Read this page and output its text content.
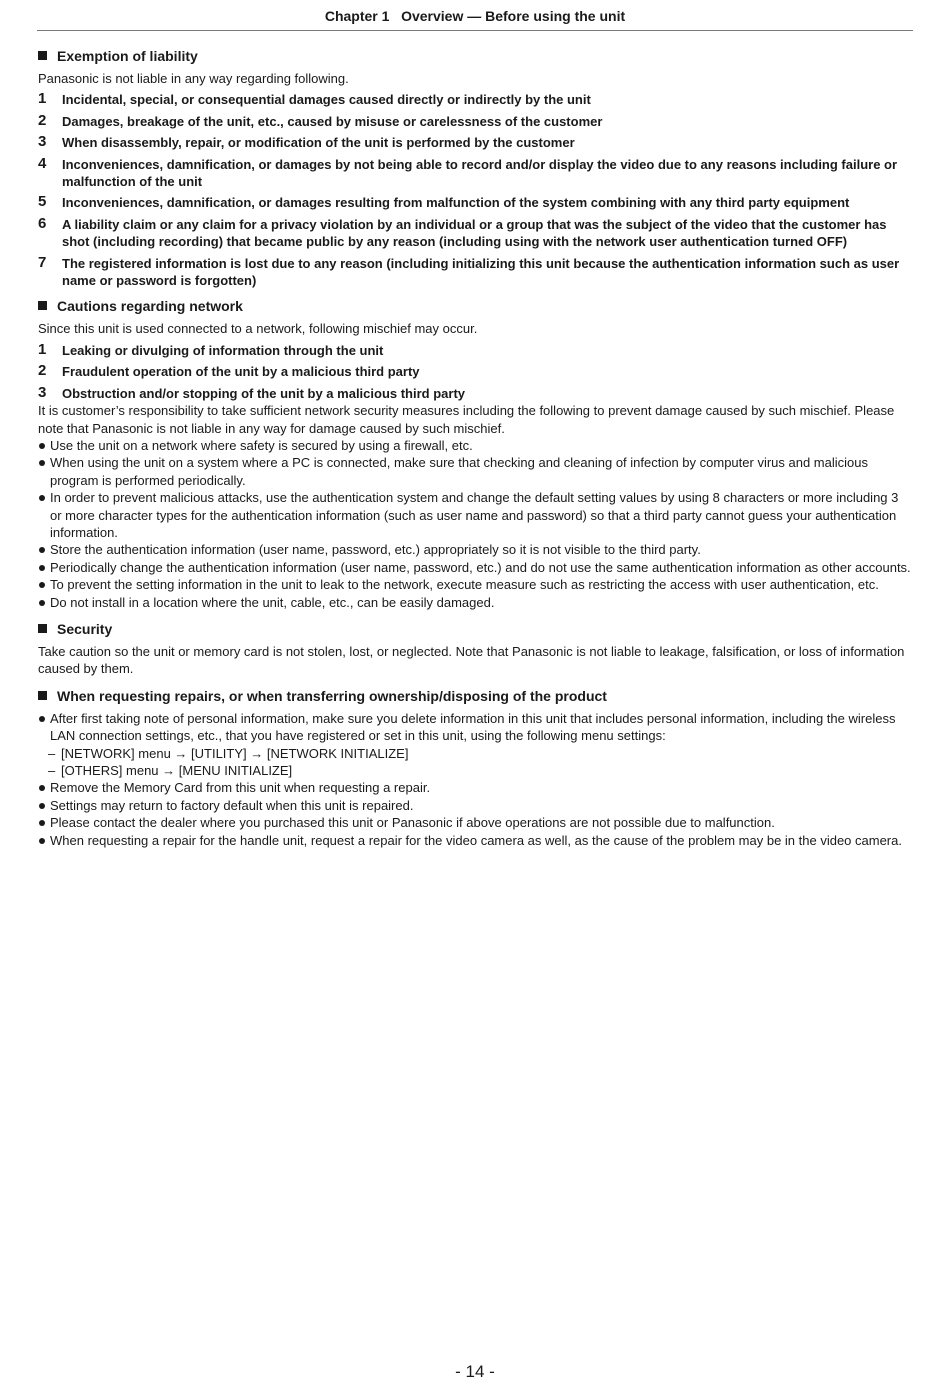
Chapter 1   Overview — Before using the unit
Exemption of liability

Panasonic is not liable in any way regarding following.

1 Incidental, special, or consequential damages caused directly or indirectly by the unit
2 Damages, breakage of the unit, etc., caused by misuse or carelessness of the customer
3 When disassembly, repair, or modification of the unit is performed by the customer
4 Inconveniences, damnification, or damages by not being able to record and/or display the video due to any reasons including failure or malfunction of the unit
5 Inconveniences, damnification, or damages resulting from malfunction of the system combining with any third party equipment
6 A liability claim or any claim for a privacy violation by an individual or a group that was the subject of the video that the customer has shot (including recording) that became public by any reason (including using with the network user authentication turned OFF)
7 The registered information is lost due to any reason (including initializing this unit because the authentication information such as user name or password is forgotten)
Cautions regarding network

Since this unit is used connected to a network, following mischief may occur.

1 Leaking or divulging of information through the unit
2 Fraudulent operation of the unit by a malicious third party
3 Obstruction and/or stopping of the unit by a malicious third party

It is customer’s responsibility to take sufficient network security measures including the following to prevent damage caused by such mischief. Please note that Panasonic is not liable in any way for damage caused by such mischief.

Use the unit on a network where safety is secured by using a firewall, etc.
When using the unit on a system where a PC is connected, make sure that checking and cleaning of infection by computer virus and malicious program is performed periodically.
In order to prevent malicious attacks, use the authentication system and change the default setting values by using 8 characters or more including 3 or more character types for the authentication information (such as user name and password) so that a third party cannot guess your authentication information.
Store the authentication information (user name, password, etc.) appropriately so it is not visible to the third party.
Periodically change the authentication information (user name, password, etc.) and do not use the same authentication information as other accounts.
To prevent the setting information in the unit to leak to the network, execute measure such as restricting the access with user authentication, etc.
Do not install in a location where the unit, cable, etc., can be easily damaged.
Security

Take caution so the unit or memory card is not stolen, lost, or neglected. Note that Panasonic is not liable to leakage, falsification, or loss of information caused by them.

When requesting repairs, or when transferring ownership/disposing of the product
After first taking note of personal information, make sure you delete information in this unit that includes personal information, including the wireless LAN connection settings, etc., that you have registered or set in this unit, using the following menu settings:
– [NETWORK] menu → [UTILITY] → [NETWORK INITIALIZE]
– [OTHERS] menu → [MENU INITIALIZE]
Remove the Memory Card from this unit when requesting a repair.
Settings may return to factory default when this unit is repaired.
Please contact the dealer where you purchased this unit or Panasonic if above operations are not possible due to malfunction.
When requesting a repair for the handle unit, request a repair for the video camera as well, as the cause of the problem may be in the video camera.
- 14 -
